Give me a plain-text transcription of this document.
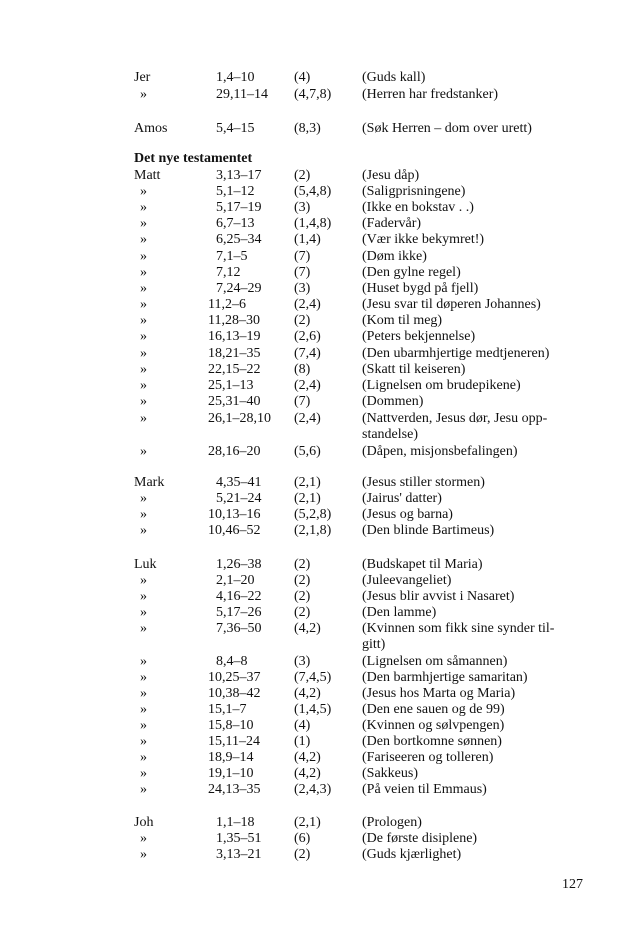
Det nye testamentet
Jer	1,4–10	(4)	(Guds kall)
»	29,11–14 (4,7,8) (Herren har fredstanker)
Amos	5,4–15	(8,3)	(Søk Herren – dom over urett)
Matt	3,13–17 (2)	(Jesu dåp)
»	5,1–12	(5,4,8) (Saligprisningene)
»	5,17–19 (3)	(Ikke en bokstav . .)
»	6,7–13	(1,4,8) (Fadervår)
»	6,25–34 (1,4)	(Vær ikke bekymret!)
»	7,1–5	(7)	(Døm ikke)
»	7,12	(7)	(Den gylne regel)
»	7,24–29 (3)	(Huset bygd på fjell)
»	11,2–6	(2,4)	(Jesu svar til døperen Johannes)
»	11,28–30 (2)	(Kom til meg)
»	16,13–19 (2,6)	(Peters bekjennelse)
»	18,21–35 (7,4)	(Den ubarmhjertige medtjeneren)
»	22,15–22 (8)	(Skatt til keiseren)
»	25,1–13	(2,4)	(Lignelsen om brudepikene)
»	25,31–40 (7)	(Dommen)
»	26,1–28,10 (2,4)	(Nattverden, Jesus dør, Jesu opp-
standelse)
»	28,16–20 (5,6)	(Dåpen, misjonsbefalingen)
Mark	4,35–41 (2,1)	(Jesus stiller stormen)
»	5,21–24 (2,1)	(Jairus' datter)
»	10,13–16 (5,2,8) (Jesus og barna)
»	10,46–52 (2,1,8) (Den blinde Bartimeus)
Luk	1,26–38 (2)	(Budskapet til Maria)
»	2,1–20	(2)	(Juleevangeliet)
»	4,16–22 (2)	(Jesus blir avvist i Nasaret)
»	5,17–26 (2)	(Den lamme)
»	7,36–50 (4,2)	(Kvinnen som fikk sine synder til-
gitt)
»	8,4–8	(3)	(Lignelsen om såmannen)
»	10,25–37 (7,4,5) (Den barmhjertige samaritan)
»	10,38–42 (4,2)	(Jesus hos Marta og Maria)
»	15,1–7	(1,4,5) (Den ene sauen og de 99)
»	15,8–10	(4)	(Kvinnen og sølvpengen)
»	15,11–24 (1)	(Den bortkomne sønnen)
»	18,9–14	(4,2)	(Fariseeren og tolleren)
»	19,1–10	(4,2)	(Sakkeus)
»	24,13–35 (2,4,3) (På veien til Emmaus)
Joh	1,1–18	(2,1)	(Prologen)
»	1,35–51 (6)	(De første disiplene)
»	3,13–21 (2)	(Guds kjærlighet)
127
